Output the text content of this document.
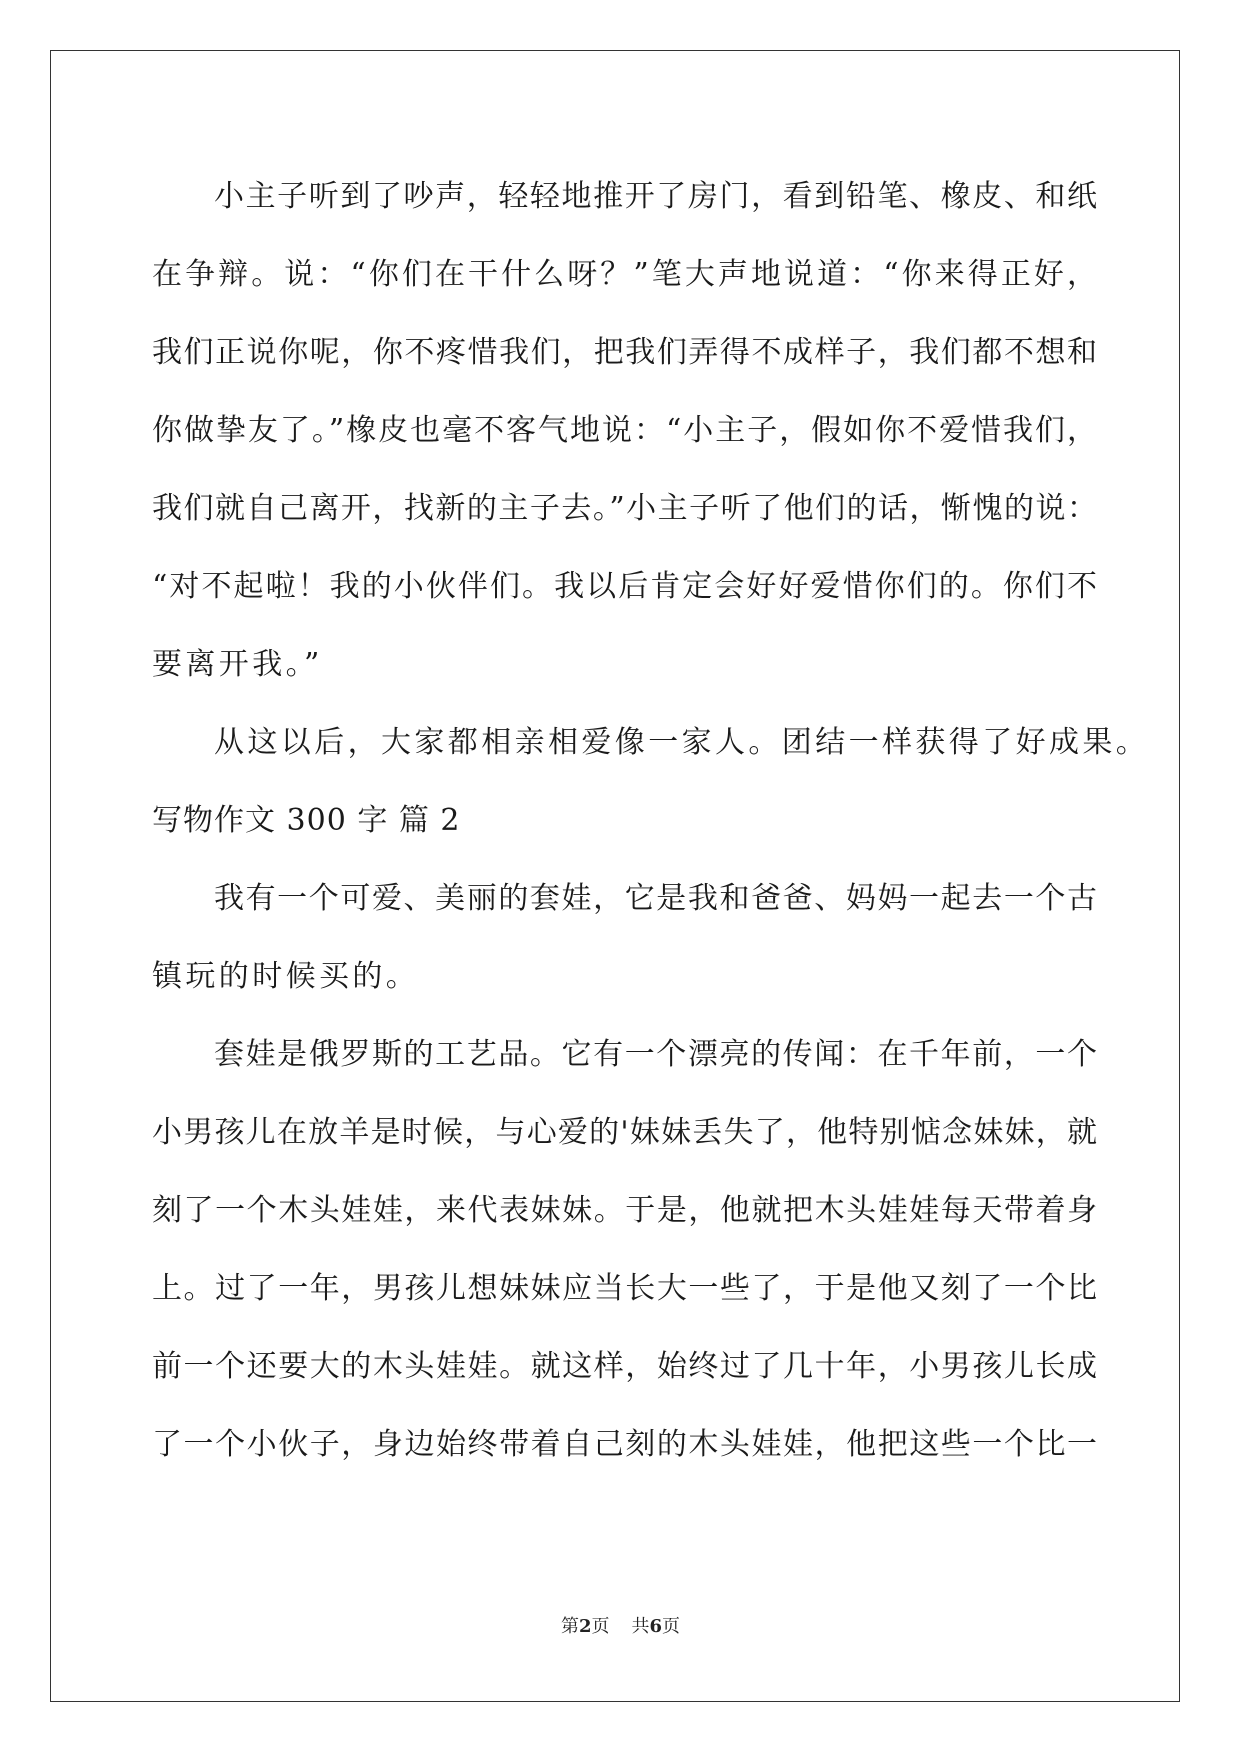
小主子听到了吵声，轻轻地推开了房门，看到铅笔、橡皮、和纸
在争辩。说：“你们在干什么呀？”笔大声地说道：“你来得正好，
我们正说你呢，你不疼惜我们，把我们弄得不成样子，我们都不想和
你做挚友了。”橡皮也毫不客气地说：“小主子，假如你不爱惜我们，
我们就自己离开，找新的主子去。”小主子听了他们的话，惭愧的说：
“对不起啦！我的小伙伴们。我以后肯定会好好爱惜你们的。你们不
要离开我。”
从这以后，大家都相亲相爱像一家人。团结一样获得了好成果。
写物作文 300 字 篇 2
我有一个可爱、美丽的套娃，它是我和爸爸、妈妈一起去一个古
镇玩的时候买的。
套娃是俄罗斯的工艺品。它有一个漂亮的传闻：在千年前，一个
小男孩儿在放羊是时候，与心爱的'妹妹丢失了，他特别惦念妹妹，就
刻了一个木头娃娃，来代表妹妹。于是，他就把木头娃娃每天带着身
上。过了一年，男孩儿想妹妹应当长大一些了，于是他又刻了一个比
前一个还要大的木头娃娃。就这样，始终过了几十年，小男孩儿长成
了一个小伙子，身边始终带着自己刻的木头娃娃，他把这些一个比一
第2页 共6页
